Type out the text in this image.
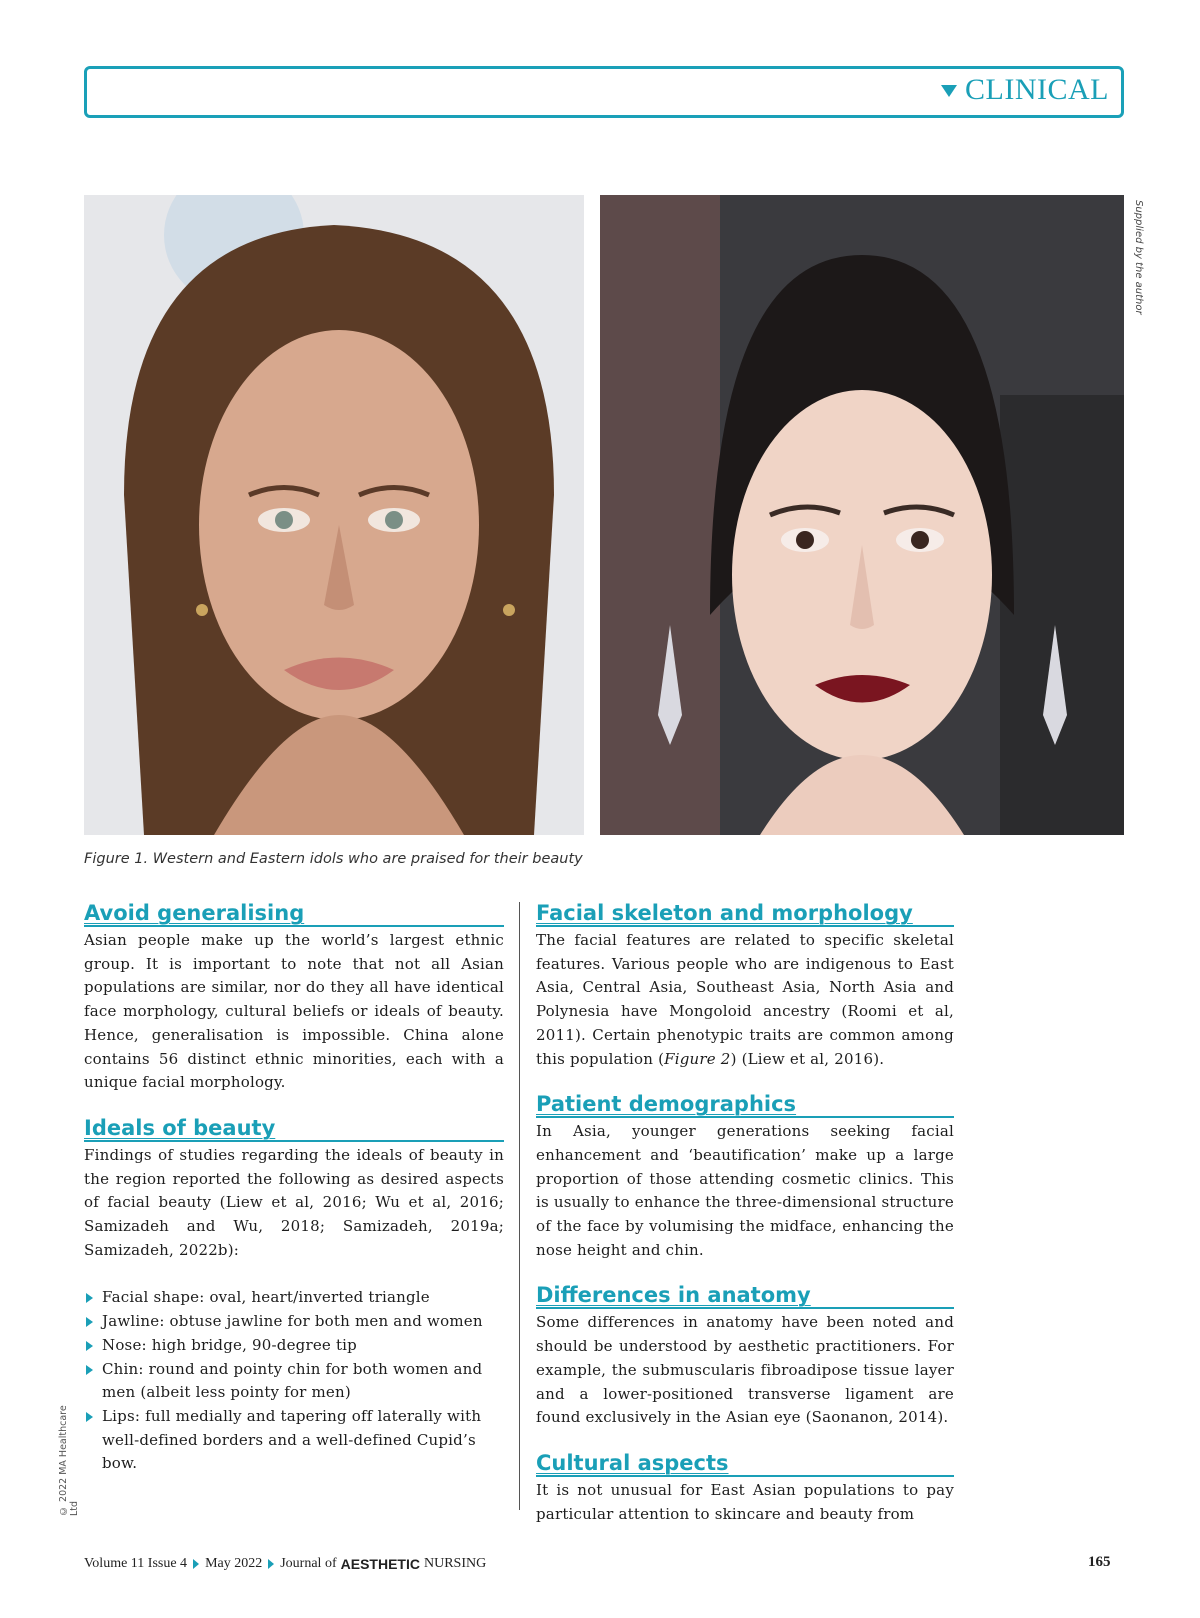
CLINICAL
Supplied by the author
Figure 1. Western and Eastern idols who are praised for their beauty
Avoid generalising

Asian people make up the world’s largest ethnic group. It is important to note that not all Asian populations are similar, nor do they all have identical face morphology, cultural beliefs or ideals of beauty. Hence, generalisation is impossible. China alone contains 56 distinct ethnic minorities, each with a unique facial morphology.

Ideals of beauty

Findings of studies regarding the ideals of beauty in the region reported the following as desired aspects of facial beauty (Liew et al, 2016; Wu et al, 2016; Samizadeh and Wu, 2018; Samizadeh, 2019a; Samizadeh, 2022b):

Facial shape: oval, heart/inverted triangle
Jawline: obtuse jawline for both men and women
Nose: high bridge, 90-degree tip
Chin: round and pointy chin for both women and men (albeit less pointy for men)
Lips: full medially and tapering off laterally with well-defined borders and a well-defined Cupid’s bow.
Facial skeleton and morphology

The facial features are related to specific skeletal features. Various people who are indigenous to East Asia, Central Asia, Southeast Asia, North Asia and Polynesia have Mongoloid ancestry (Roomi et al, 2011). Certain phenotypic traits are common among this population (Figure 2) (Liew et al, 2016).

Patient demographics

In Asia, younger generations seeking facial enhancement and ‘beautification’ make up a large proportion of those attending cosmetic clinics. This is usually to enhance the three-dimensional structure of the face by volumising the midface, enhancing the nose height and chin.

Differences in anatomy

Some differences in anatomy have been noted and should be understood by aesthetic practitioners. For example, the submuscularis fibroadipose tissue layer and a lower-positioned transverse ligament are found exclusively in the Asian eye (Saonanon, 2014).

Cultural aspects

It is not unusual for East Asian populations to pay particular attention to skincare and beauty from

© 2022 MA Healthcare Ltd
Volume 11 Issue 4 May 2022 Journal of AESTHETIC NURSING	165
